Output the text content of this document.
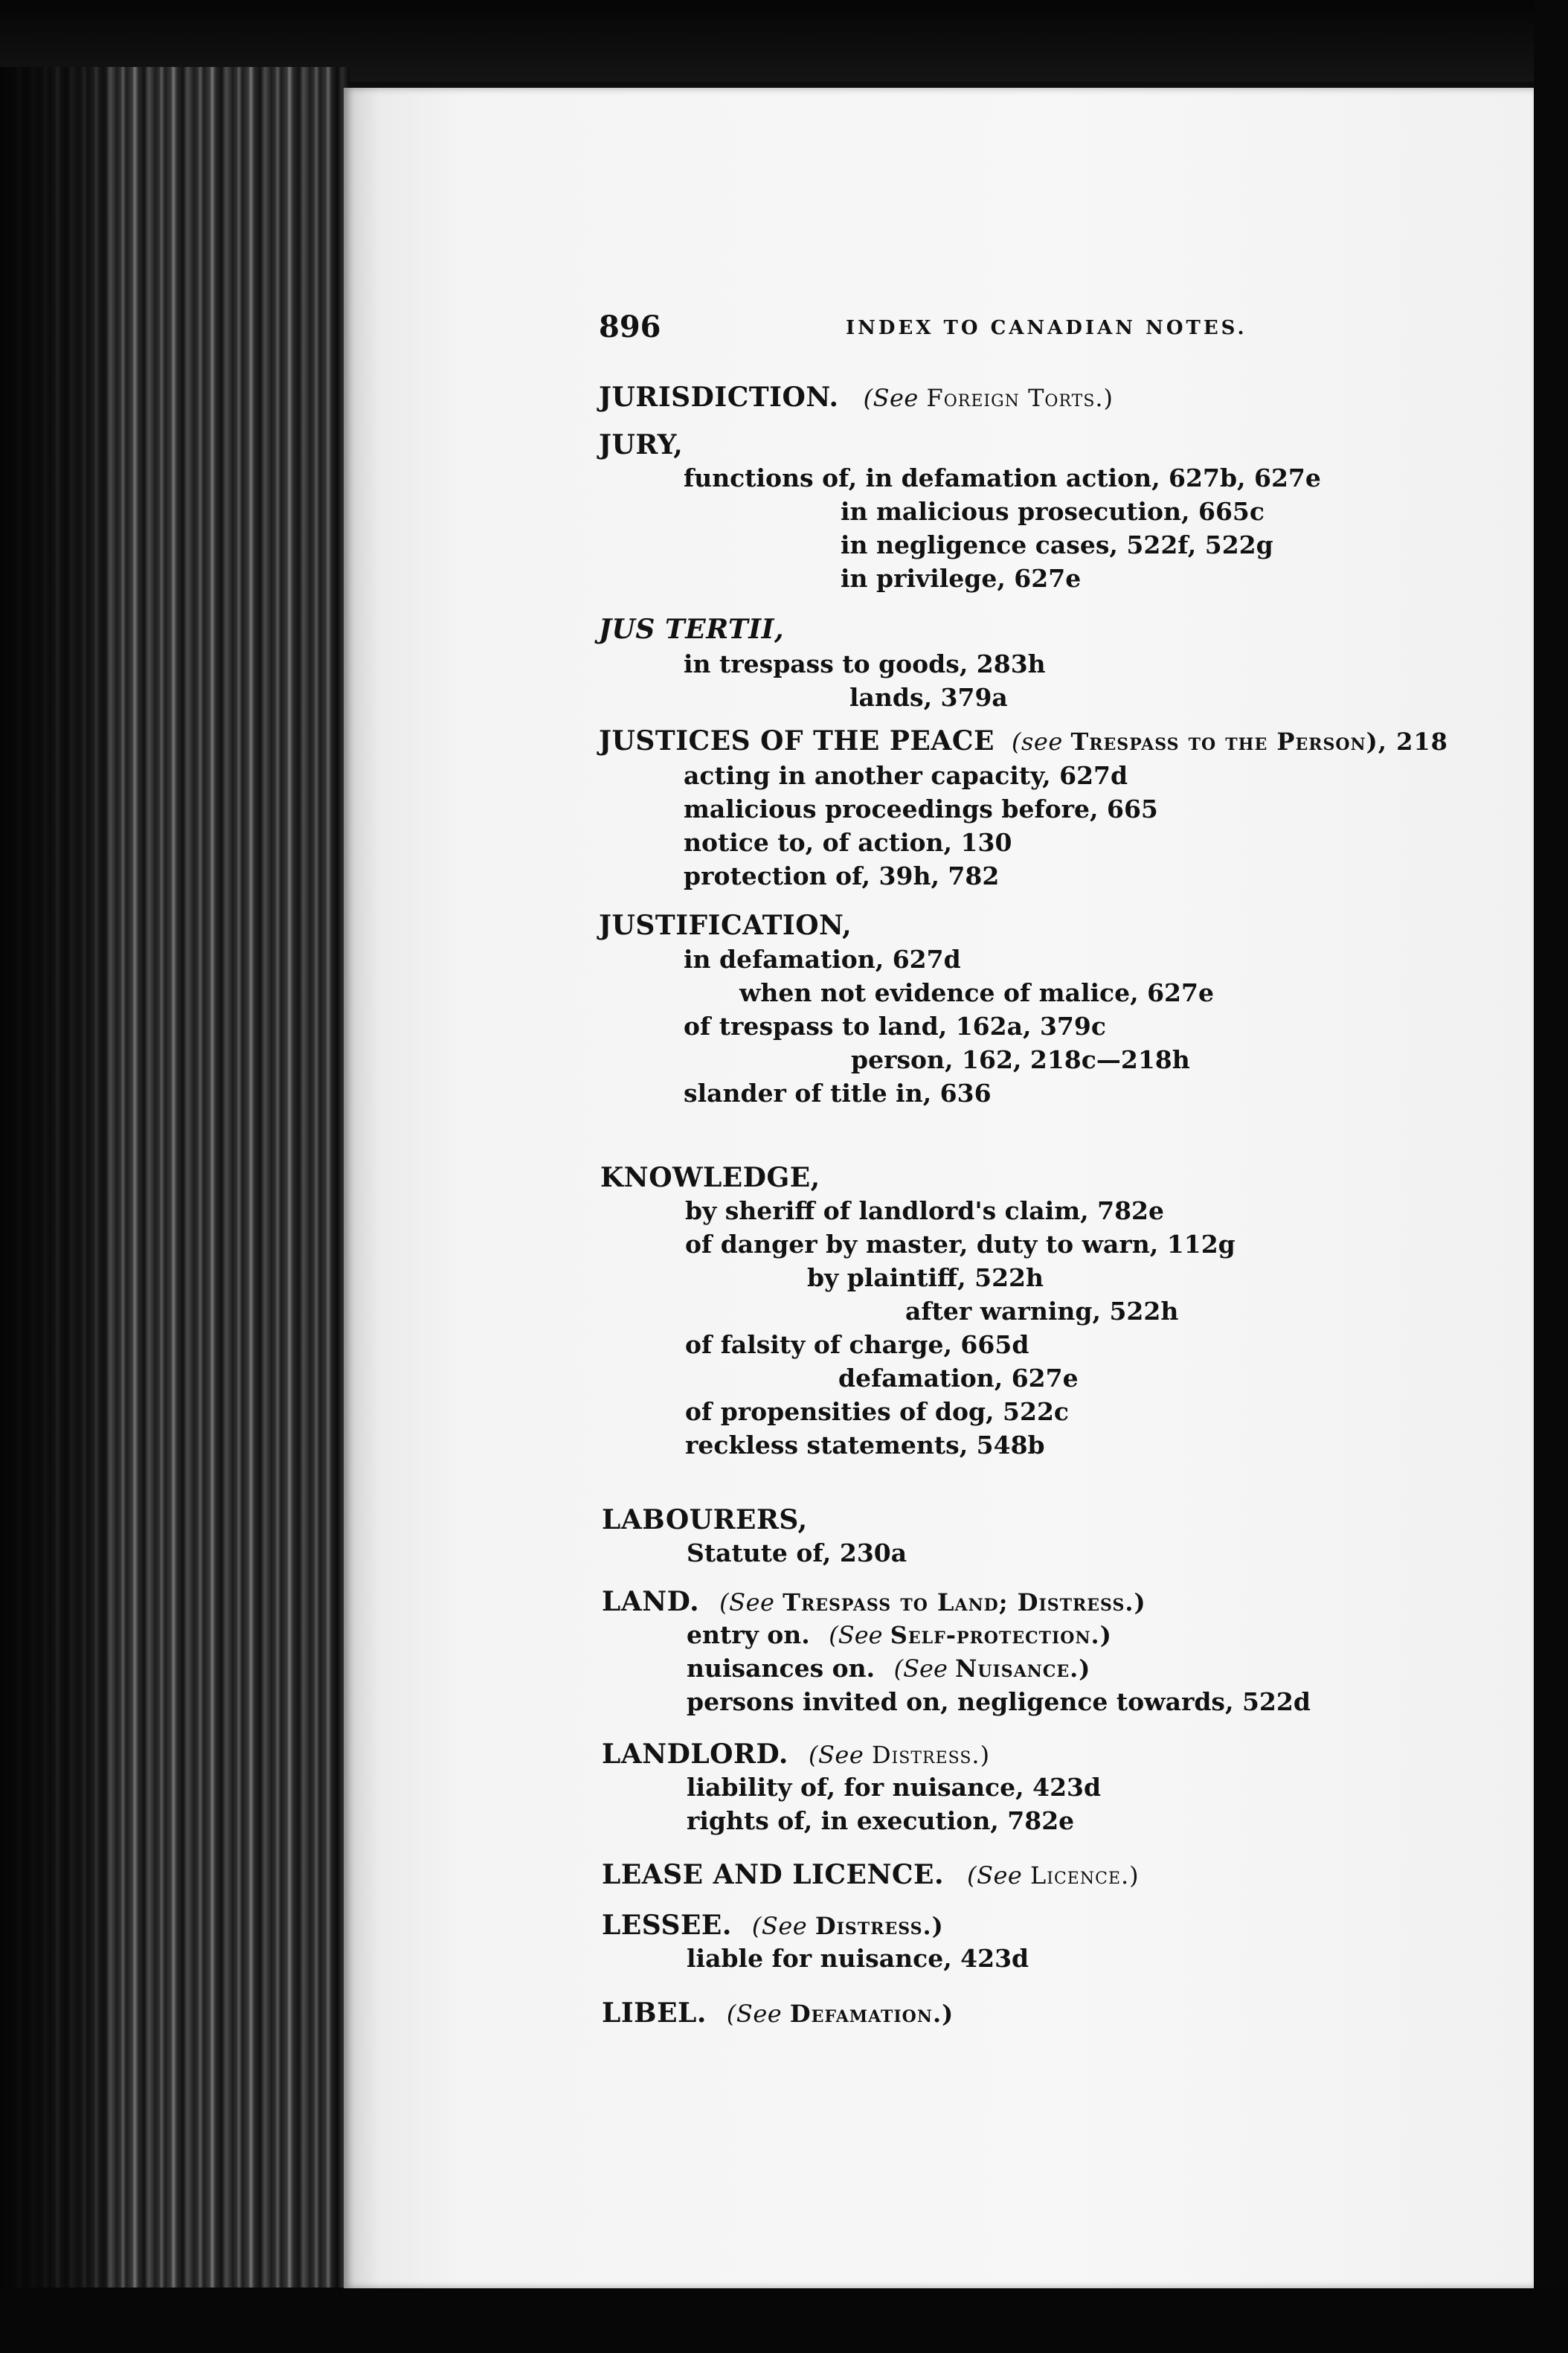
896	INDEX TO CANADIAN NOTES.
JURISDICTION. (See Foreign Torts.)
JURY,
functions of, in defamation action, 627b, 627e
in malicious prosecution, 665c
in negligence cases, 522f, 522g
in privilege, 627e
JUS TERTII,
in trespass to goods, 283h
lands, 379a
JUSTICES OF THE PEACE (see Trespass to the Person), 218
acting in another capacity, 627d
malicious proceedings before, 665
notice to, of action, 130
protection of, 39h, 782
JUSTIFICATION,
in defamation, 627d
when not evidence of malice, 627e
of trespass to land, 162a, 379c
person, 162, 218c—218h
slander of title in, 636
KNOWLEDGE,
by sheriff of landlord's claim, 782e
of danger by master, duty to warn, 112g
by plaintiff, 522h
after warning, 522h
of falsity of charge, 665d
defamation, 627e
of propensities of dog, 522c
reckless statements, 548b
LABOURERS,
Statute of, 230a
LAND. (See Trespass to Land; Distress.)
entry on. (See Self-protection.)
nuisances on. (See Nuisance.)
persons invited on, negligence towards, 522d
LANDLORD. (See Distress.)
liability of, for nuisance, 423d
rights of, in execution, 782e
LEASE AND LICENCE. (See Licence.)
LESSEE. (See Distress.)
liable for nuisance, 423d
LIBEL. (See Defamation.)
